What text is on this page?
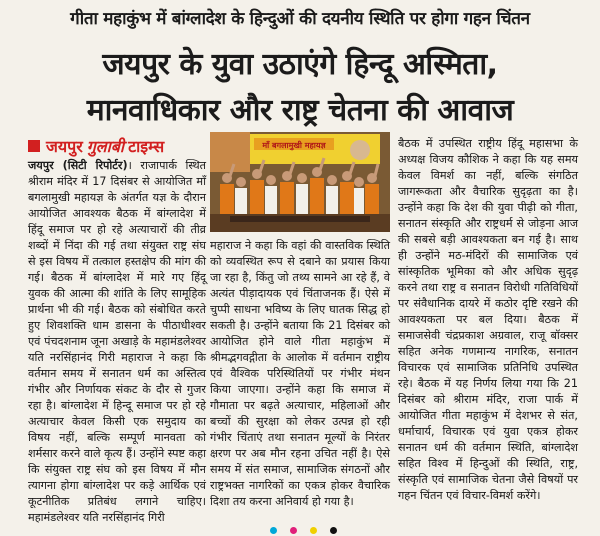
गीता महाकुंभ में बांग्लादेश के हिन्दुओं की दयनीय स्थिति पर होगा गहन चिंतन
जयपुर के युवा उठाएंगे हिन्दू अस्मिता,
मानवाधिकार और राष्ट्र चेतना की आवाज
जयपुर गुलाबी टाइम्स

जयपुर (सिटी रिपोर्टर)। राजापार्क स्थित श्रीराम मंदिर में 17 दिसंबर से आयोजित माँ बगलामुखी महायज्ञ के अंतर्गत यज्ञ के दौरान आयोजित आवश्यक बैठक में बांग्लादेश में हिंदू समाज पर हो रहे अत्याचारों की तीव्र शब्दों में निंदा की गई तथा संयुक्त राष्ट्र संघ से इस विषय में तत्काल हस्तक्षेप की मांग की गई। बैठक में बांग्लादेश में मारे गए हिंदू युवक की आत्मा की शांति के लिए सामूहिक प्रार्थना भी की गई। बैठक को संबोधित करते हुए शिवशक्ति धाम डासना के पीठाधीश्वर एवं पंचदशनाम जूना अखाड़े के महामंडलेश्वर यति नरसिंहानंद गिरी महाराज ने कहा कि वर्तमान समय में सनातन धर्म का अस्तित्व गंभीर और निर्णायक संकट के दौर से गुजर रहा है। बांग्लादेश में हिन्दू समाज पर हो रहे अत्याचार केवल किसी एक समुदाय का विषय नहीं, बल्कि सम्पूर्ण मानवता को शर्मसार करने वाले कृत्य हैं। उन्होंने स्पष्ट कहा कि संयुक्त राष्ट्र संघ को इस विषय में मौन त्यागना होगा बांग्लादेश पर कड़े आर्थिक एवं कूटनीतिक प्रतिबंध लगाने चाहिए। महामंडलेश्वर यति नरसिंहानंद गिरी

माँ बगलामुखी महायज्ञ

महाराज ने कहा कि वहां की वास्तविक स्थिति को व्यवस्थित रूप से दबाने का प्रयास किया जा रहा है, किंतु जो तथ्य सामने आ रहे हैं, वे अत्यंत पीड़ादायक एवं चिंताजनक हैं। ऐसे में चुप्पी साधना भविष्य के लिए घातक सिद्ध हो सकती है। उन्होंने बताया कि 21 दिसंबर को आयोजित होने वाले गीता महाकुंभ में श्रीमद्भगवद्गीता के आलोक में वर्तमान राष्ट्रीय एवं वैश्विक परिस्थितियों पर गंभीर मंथन किया जाएगा। उन्होंने कहा कि समाज में गौमाता पर बढ़ते अत्याचार, महिलाओं और बच्चों की सुरक्षा को लेकर उत्पन्न हो रही गंभीर चिंताएं तथा सनातन मूल्यों के निरंतर क्षरण पर अब मौन रहना उचित नहीं है। ऐसे समय में संत समाज, सामाजिक संगठनों और राष्ट्रभक्त नागरिकों का एकत्र होकर वैचारिक दिशा तय करना अनिवार्य हो गया है।

बैठक में उपस्थित राष्ट्रीय हिंदू महासभा के अध्यक्ष विजय कौशिक ने कहा कि यह समय केवल विमर्श का नहीं, बल्कि संगठित जागरूकता और वैचारिक सुदृढ़ता का है। उन्होंने कहा कि देश की युवा पीढ़ी को गीता, सनातन संस्कृति और राष्ट्रधर्म से जोड़ना आज की सबसे बड़ी आवश्यकता बन गई है। साथ ही उन्होंने मठ-मंदिरों की सामाजिक एवं सांस्कृतिक भूमिका को और अधिक सुदृढ़ करने तथा राष्ट्र व सनातन विरोधी गतिविधियों पर संवैधानिक दायरे में कठोर दृष्टि रखने की आवश्यकता पर बल दिया। बैठक में समाजसेवी चंद्रप्रकाश अग्रवाल, राजू बॉक्सर सहित अनेक गणमान्य नागरिक, सनातन विचारक एवं सामाजिक प्रतिनिधि उपस्थित रहे। बैठक में यह निर्णय लिया गया कि 21 दिसंबर को श्रीराम मंदिर, राजा पार्क में आयोजित गीता महाकुंभ में देशभर से संत, धर्माचार्य, विचारक एवं युवा एकत्र होकर सनातन धर्म की वर्तमान स्थिति, बांग्लादेश सहित विश्व में हिन्दुओं की स्थिति, राष्ट्र, संस्कृति एवं सामाजिक चेतना जैसे विषयों पर गहन चिंतन एवं विचार-विमर्श करेंगे।
